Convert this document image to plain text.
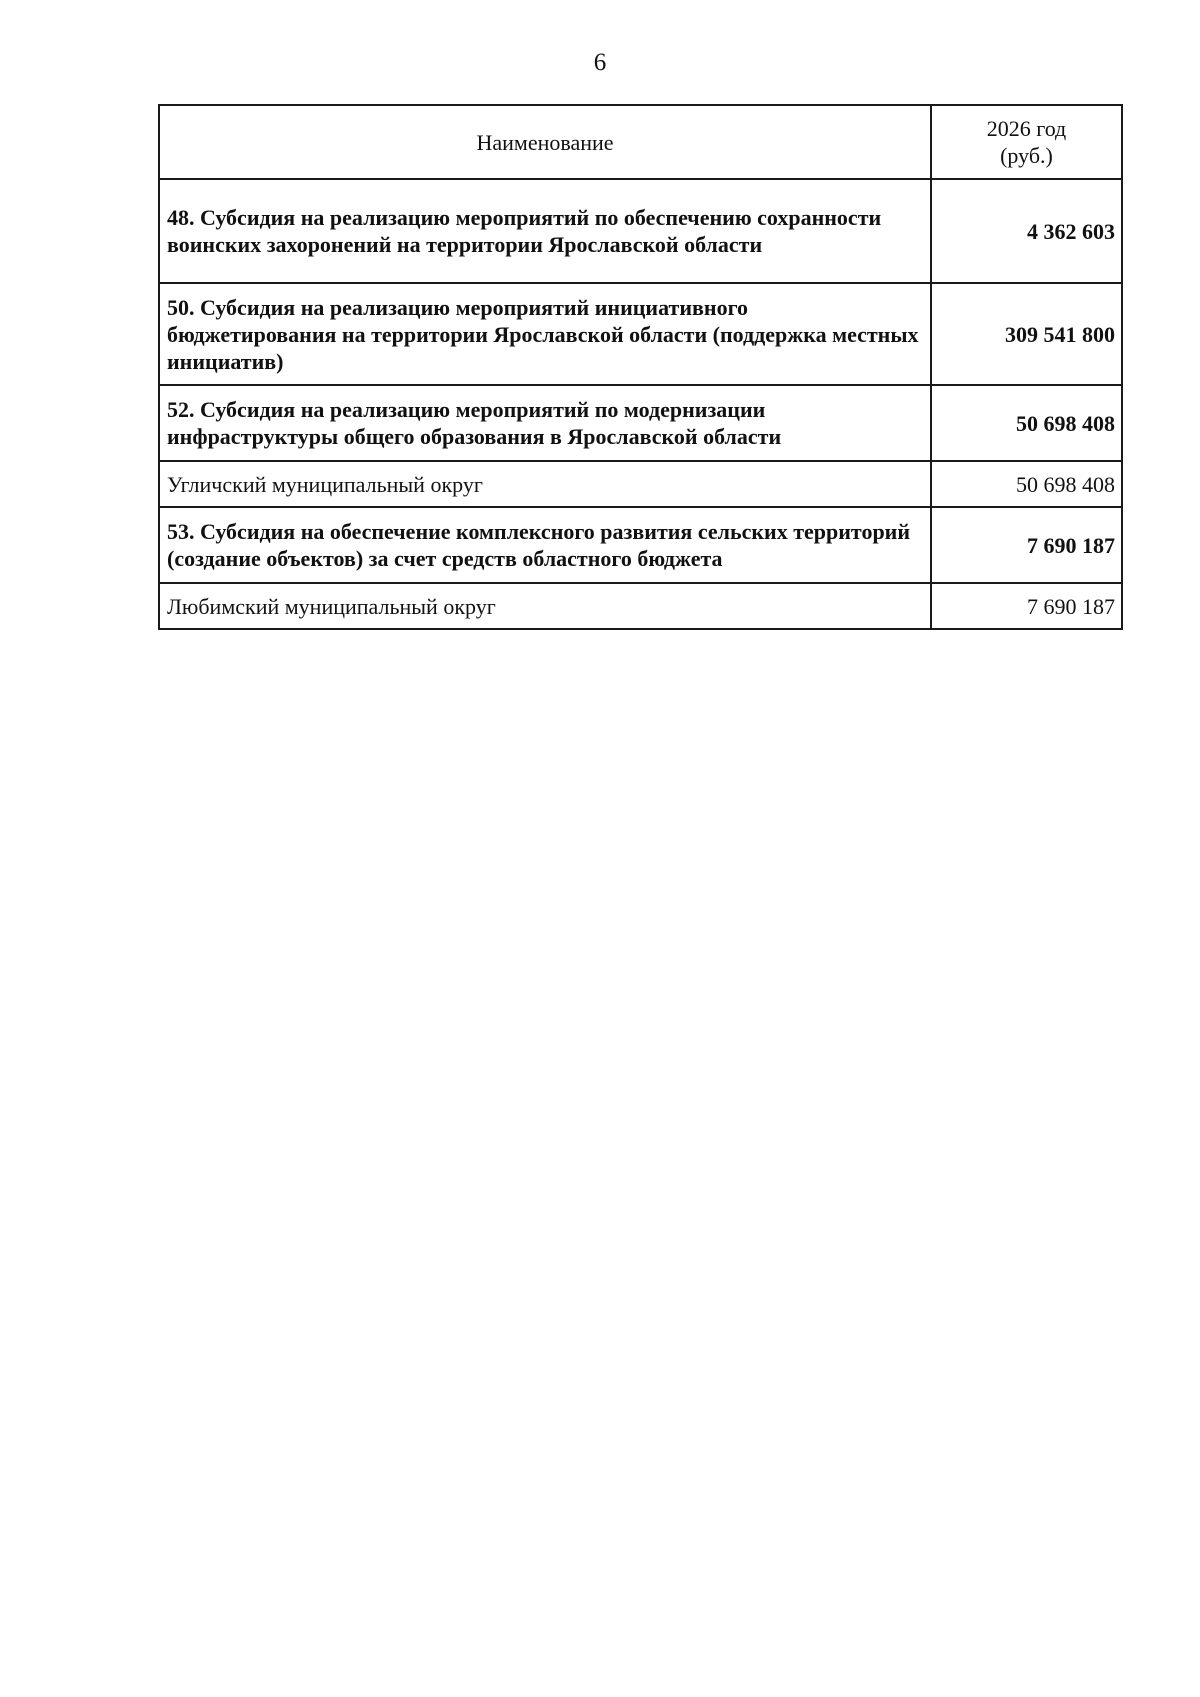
6
Наименование	2026 год
(руб.)

48. Субсидия на реализацию мероприятий по обеспечению сохранности воинских захоронений на территории Ярославской области	4 362 603
50. Субсидия на реализацию мероприятий инициативного бюджетирования на территории Ярославской области (поддержка местных инициатив)	309 541 800
52. Субсидия на реализацию мероприятий по модернизации инфраструктуры общего образования в Ярославской области	50 698 408
Угличский муниципальный округ	50 698 408
53. Субсидия на обеспечение комплексного развития сельских территорий (создание объектов) за счет средств областного бюджета	7 690 187
Любимский муниципальный округ	7 690 187
